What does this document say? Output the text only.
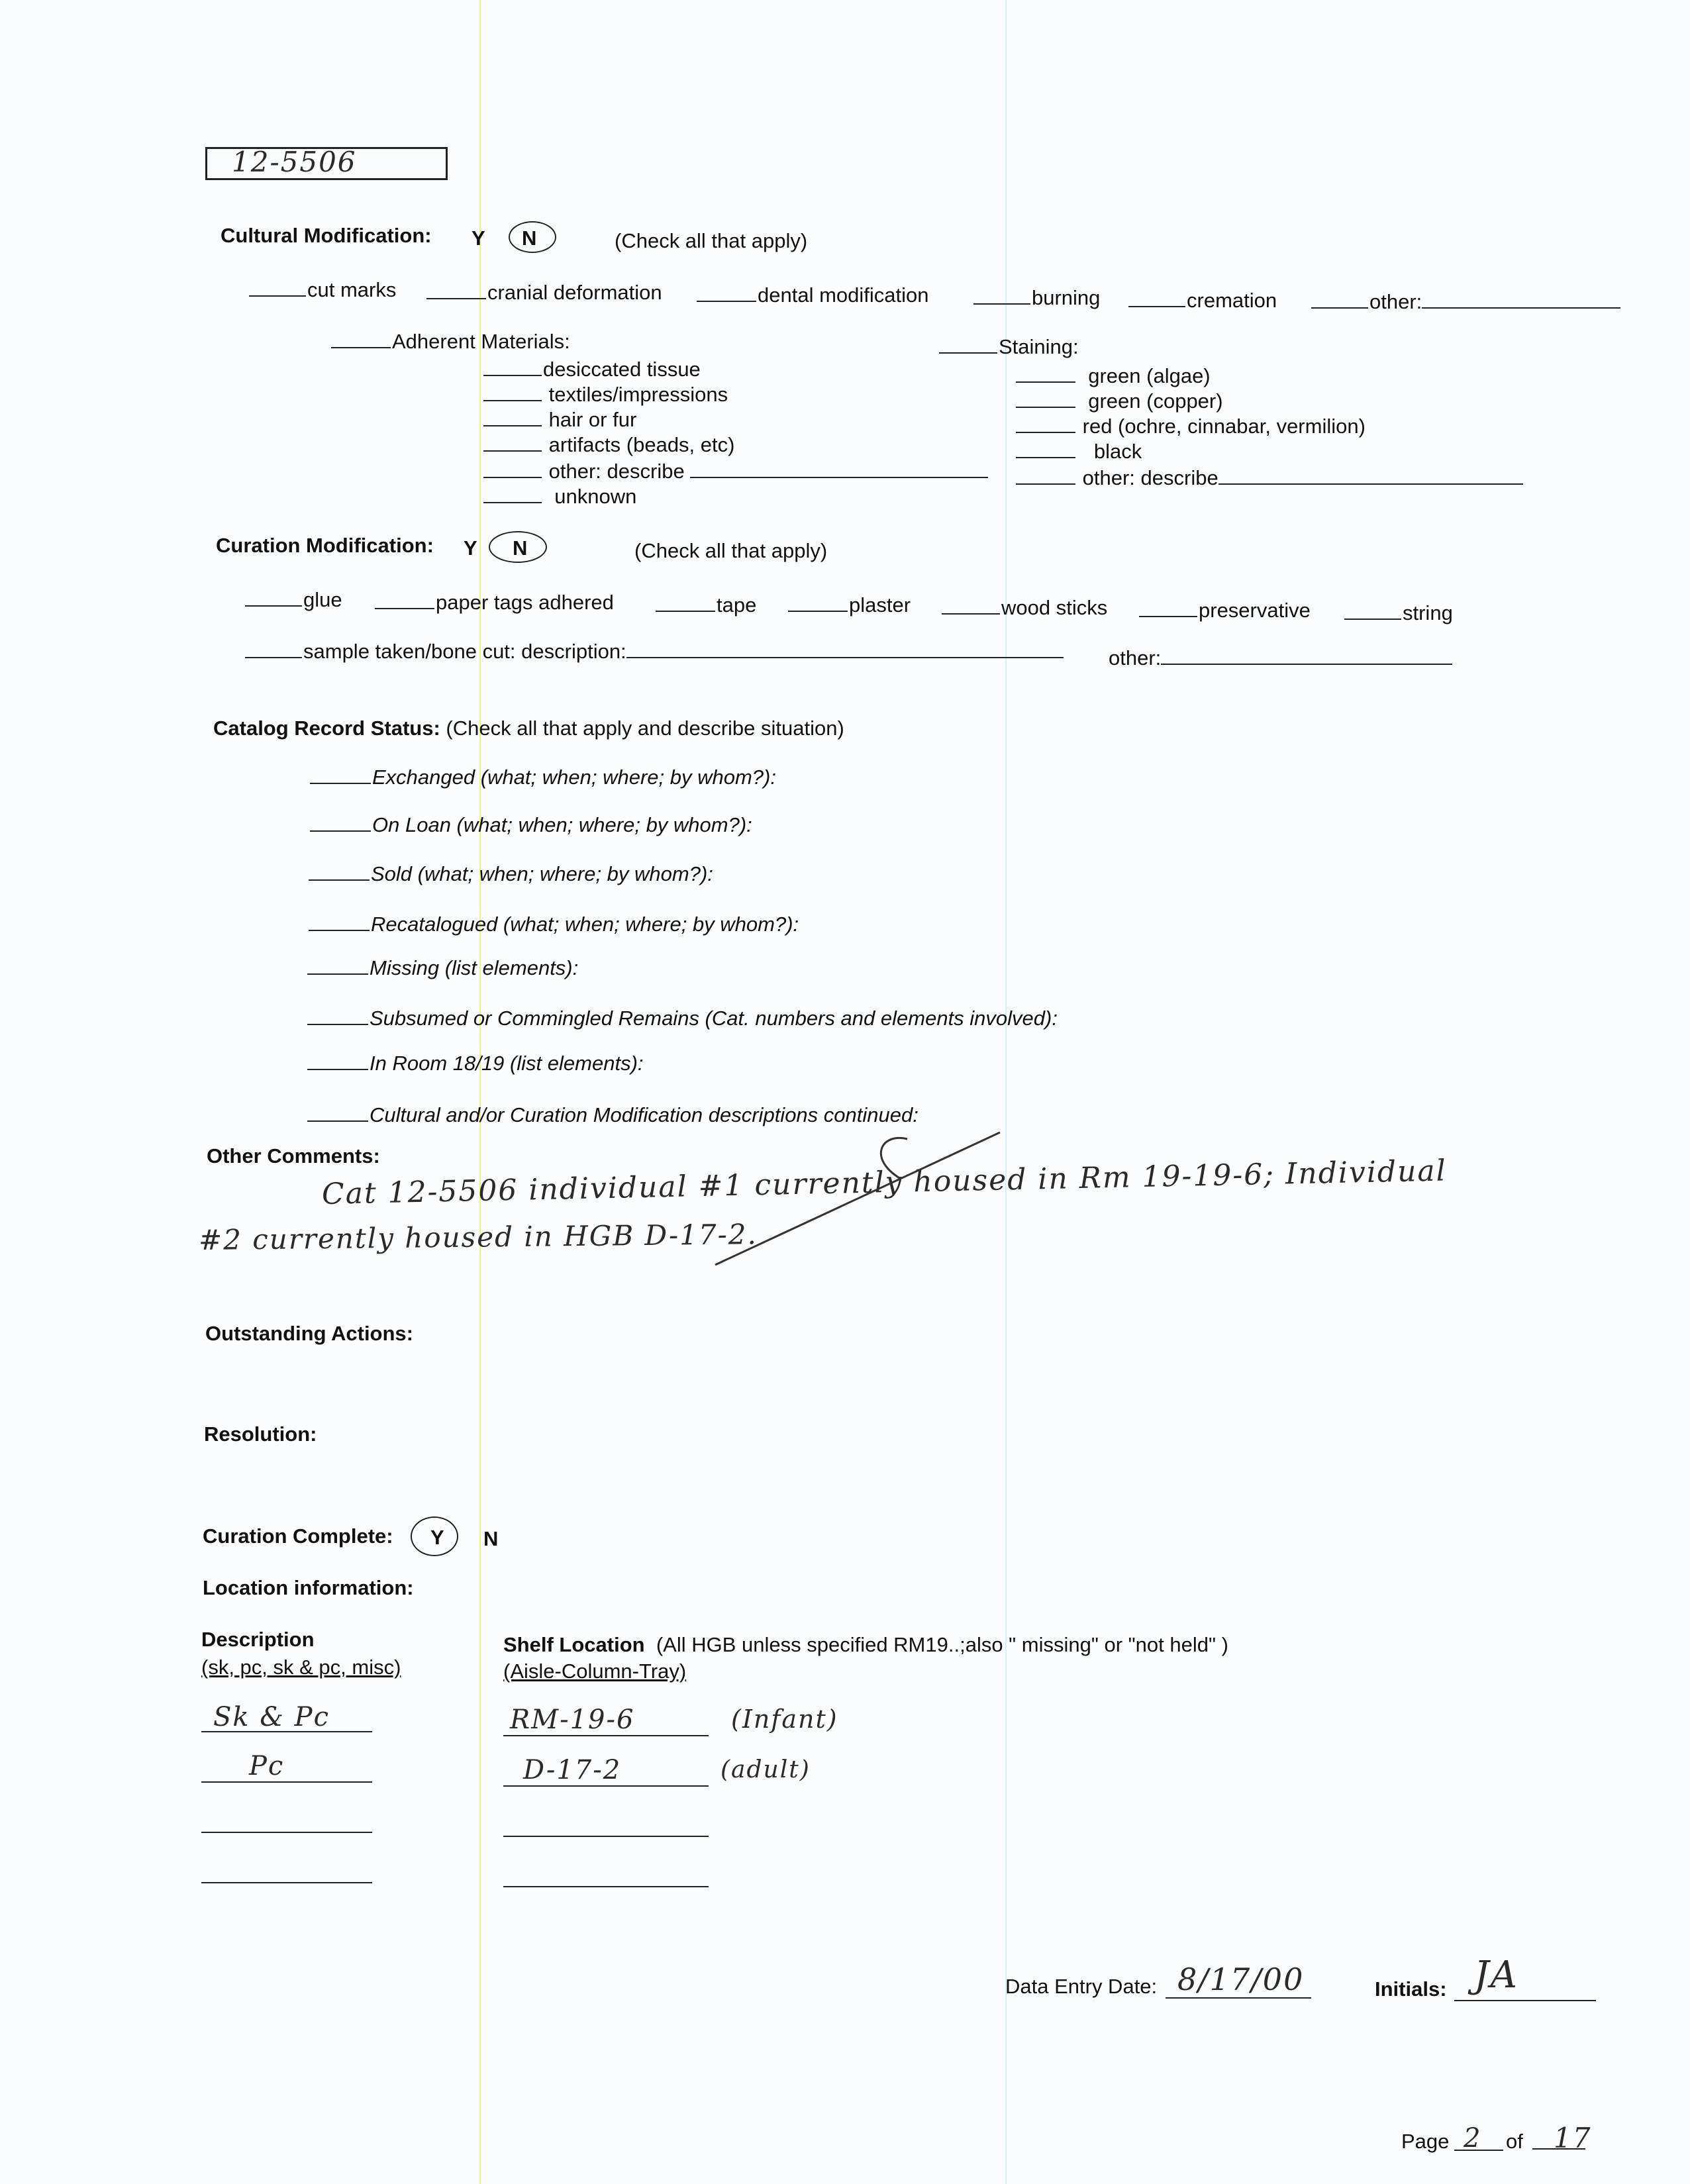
12-5506
Cultural Modification: Y N	(Check all that apply)
cut marks	cranial deformation	dental modification	burning	cremation	other:
Adherent Materials:	Staining:
desiccated tissue
textiles/impressions
hair or fur
artifacts (beads, etc)
other: describe
unknown
green (algae)
green (copper)
red (ochre, cinnabar, vermilion)
black
other: describe
Curation Modification: Y N	(Check all that apply)
glue	paper tags adhered	tape	plaster	wood sticks	preservative	string
sample taken/bone cut: description:	other:
Catalog Record Status: (Check all that apply and describe situation)
Exchanged (what; when; where; by whom?):
On Loan (what; when; where; by whom?):
Sold (what; when; where; by whom?):
Recatalogued (what; when; where; by whom?):
Missing (list elements):
Subsumed or Commingled Remains (Cat. numbers and elements involved):
In Room 18/19 (list elements):
Cultural and/or Curation Modification descriptions continued:
Other Comments:
Cat 12-5506 individual #1 currently housed in Rm 19-19-6; Individual
#2 currently housed in HGB D-17-2.
Outstanding Actions:
Resolution:
Curation Complete: Y N
Location information:
Description
(sk, pc, sk & pc, misc)
Shelf Location (All HGB unless specified RM19..;also " missing" or "not held" )
(Aisle-Column-Tray)
Sk & Pc	RM-19-6	(Infant)
Pc	D-17-2	(adult)
Data Entry Date: 8/17/00	Initials: JA
Page 2 of 17
